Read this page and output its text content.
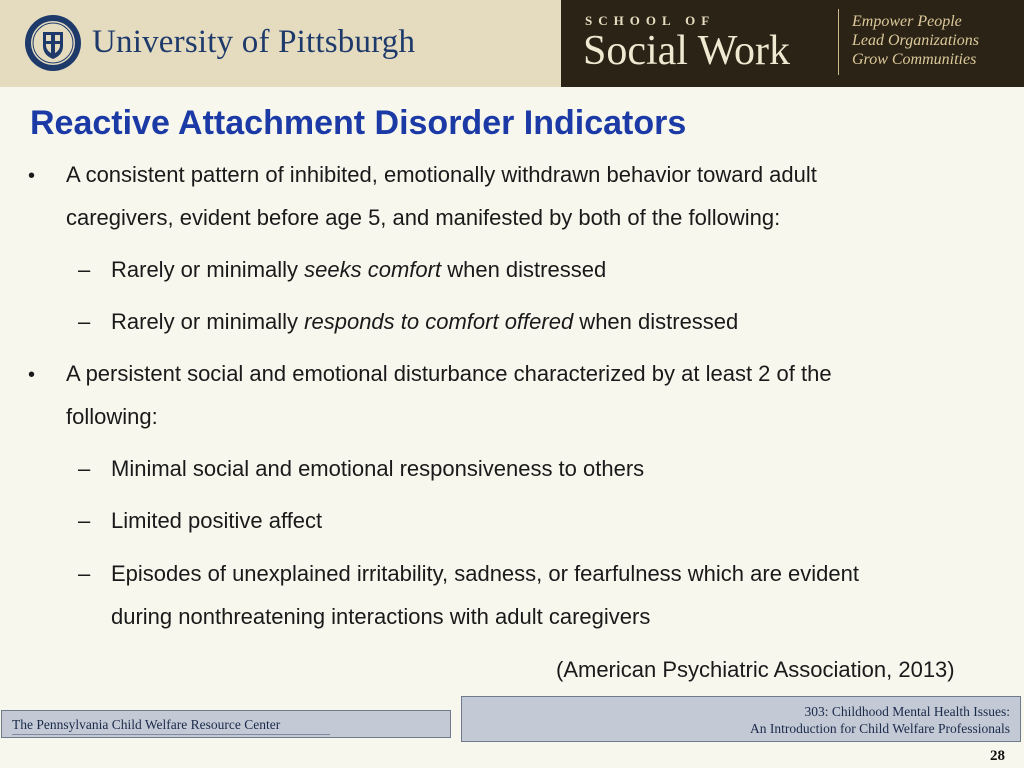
University of Pittsburgh
SCHOOL OF
Social Work
Empower People
Lead Organizations
Grow Communities
Reactive Attachment Disorder Indicators
• A consistent pattern of inhibited, emotionally withdrawn behavior toward adult
caregivers, evident before age 5, and manifested by both of the following:
– Rarely or minimally seeks comfort when distressed
– Rarely or minimally responds to comfort offered when distressed
• A persistent social and emotional disturbance characterized by at least 2 of the
following:
– Minimal social and emotional responsiveness to others
– Limited positive affect
– Episodes of unexplained irritability, sadness, or fearfulness which are evident
during nonthreatening interactions with adult caregivers
(American Psychiatric Association, 2013)
The Pennsylvania Child Welfare Resource Center
303: Childhood Mental Health Issues:
An Introduction for Child Welfare Professionals
28
